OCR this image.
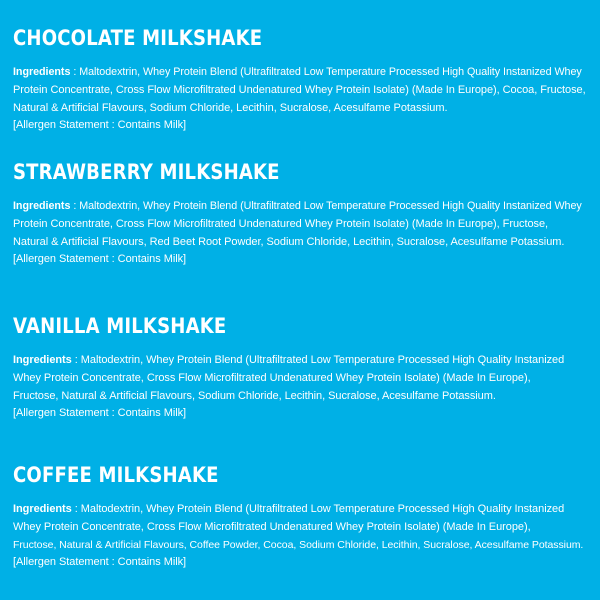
CHOCOLATE MILKSHAKE
Ingredients : Maltodextrin, Whey Protein Blend (Ultrafiltrated Low Temperature Processed High Quality Instanized Whey
Protein Concentrate, Cross Flow Microfiltrated Undenatured Whey Protein Isolate) (Made In Europe), Cocoa, Fructose,
Natural & Artificial Flavours, Sodium Chloride, Lecithin, Sucralose, Acesulfame Potassium.
[Allergen Statement : Contains Milk]
STRAWBERRY MILKSHAKE
Ingredients : Maltodextrin, Whey Protein Blend (Ultrafiltrated Low Temperature Processed High Quality Instanized Whey
Protein Concentrate, Cross Flow Microfiltrated Undenatured Whey Protein Isolate) (Made In Europe), Fructose,
Natural & Artificial Flavours, Red Beet Root Powder, Sodium Chloride, Lecithin, Sucralose, Acesulfame Potassium.
[Allergen Statement : Contains Milk]
VANILLA MILKSHAKE
Ingredients : Maltodextrin, Whey Protein Blend (Ultrafiltrated Low Temperature Processed High Quality Instanized
Whey Protein Concentrate, Cross Flow Microfiltrated Undenatured Whey Protein Isolate) (Made In Europe),
Fructose, Natural & Artificial Flavours, Sodium Chloride, Lecithin, Sucralose, Acesulfame Potassium.
[Allergen Statement : Contains Milk]
COFFEE MILKSHAKE
Ingredients : Maltodextrin, Whey Protein Blend (Ultrafiltrated Low Temperature Processed High Quality Instanized
Whey Protein Concentrate, Cross Flow Microfiltrated Undenatured Whey Protein Isolate) (Made In Europe),
Fructose, Natural & Artificial Flavours, Coffee Powder, Cocoa, Sodium Chloride, Lecithin, Sucralose, Acesulfame Potassium.
[Allergen Statement : Contains Milk]
